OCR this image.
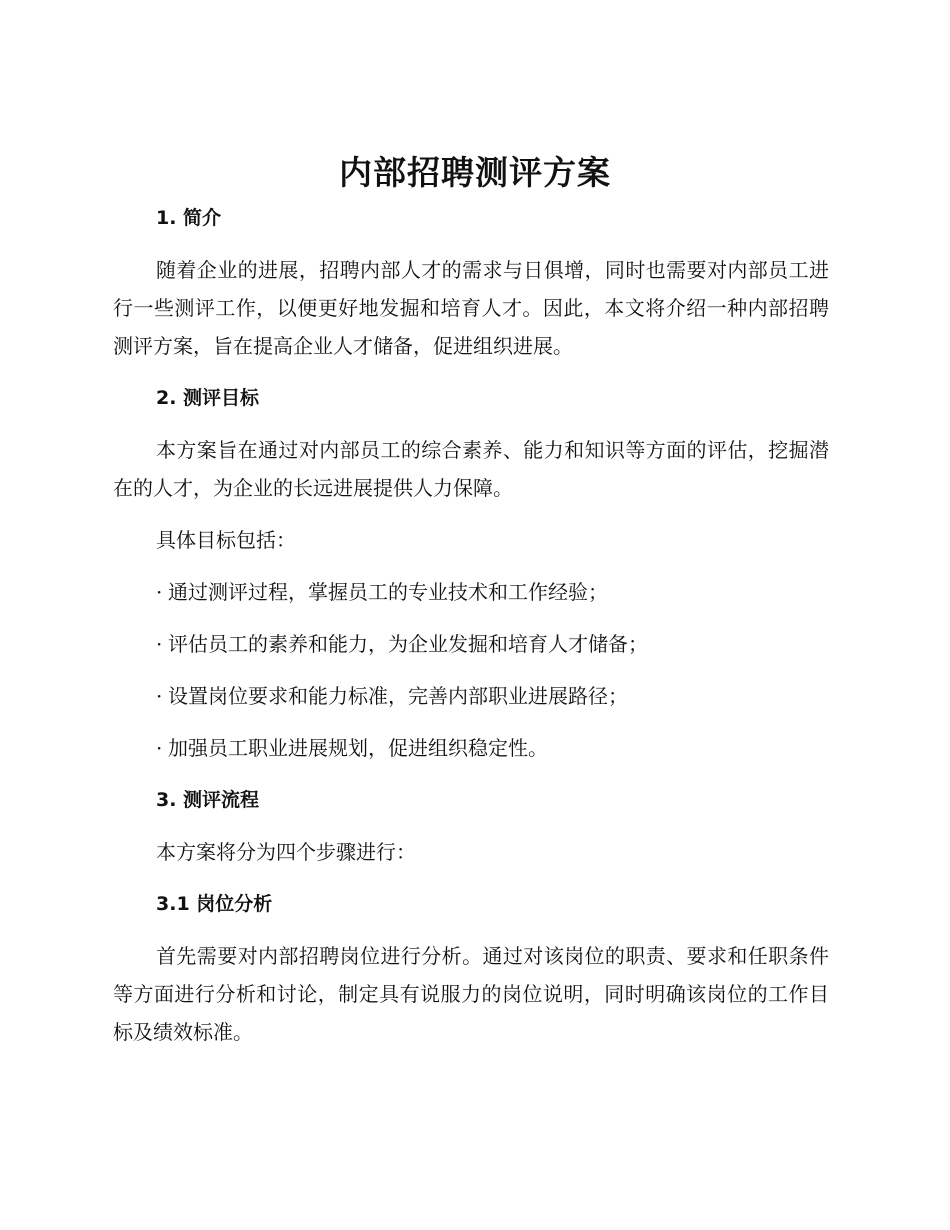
内部招聘测评方案
1. 简介

随着企业的进展，招聘内部人才的需求与日俱增，同时也需要对内部员工进行一些测评工作，以便更好地发掘和培育人才。因此，本文将介绍一种内部招聘测评方案，旨在提高企业人才储备，促进组织进展。

2. 测评目标

本方案旨在通过对内部员工的综合素养、能力和知识等方面的评估，挖掘潜在的人才，为企业的长远进展提供人力保障。

具体目标包括：

· 通过测评过程，掌握员工的专业技术和工作经验；
· 评估员工的素养和能力，为企业发掘和培育人才储备；
· 设置岗位要求和能力标准，完善内部职业进展路径；
· 加强员工职业进展规划，促进组织稳定性。
3. 测评流程

本方案将分为四个步骤进行：

3.1 岗位分析

首先需要对内部招聘岗位进行分析。通过对该岗位的职责、要求和任职条件等方面进行分析和讨论，制定具有说服力的岗位说明，同时明确该岗位的工作目标及绩效标准。
